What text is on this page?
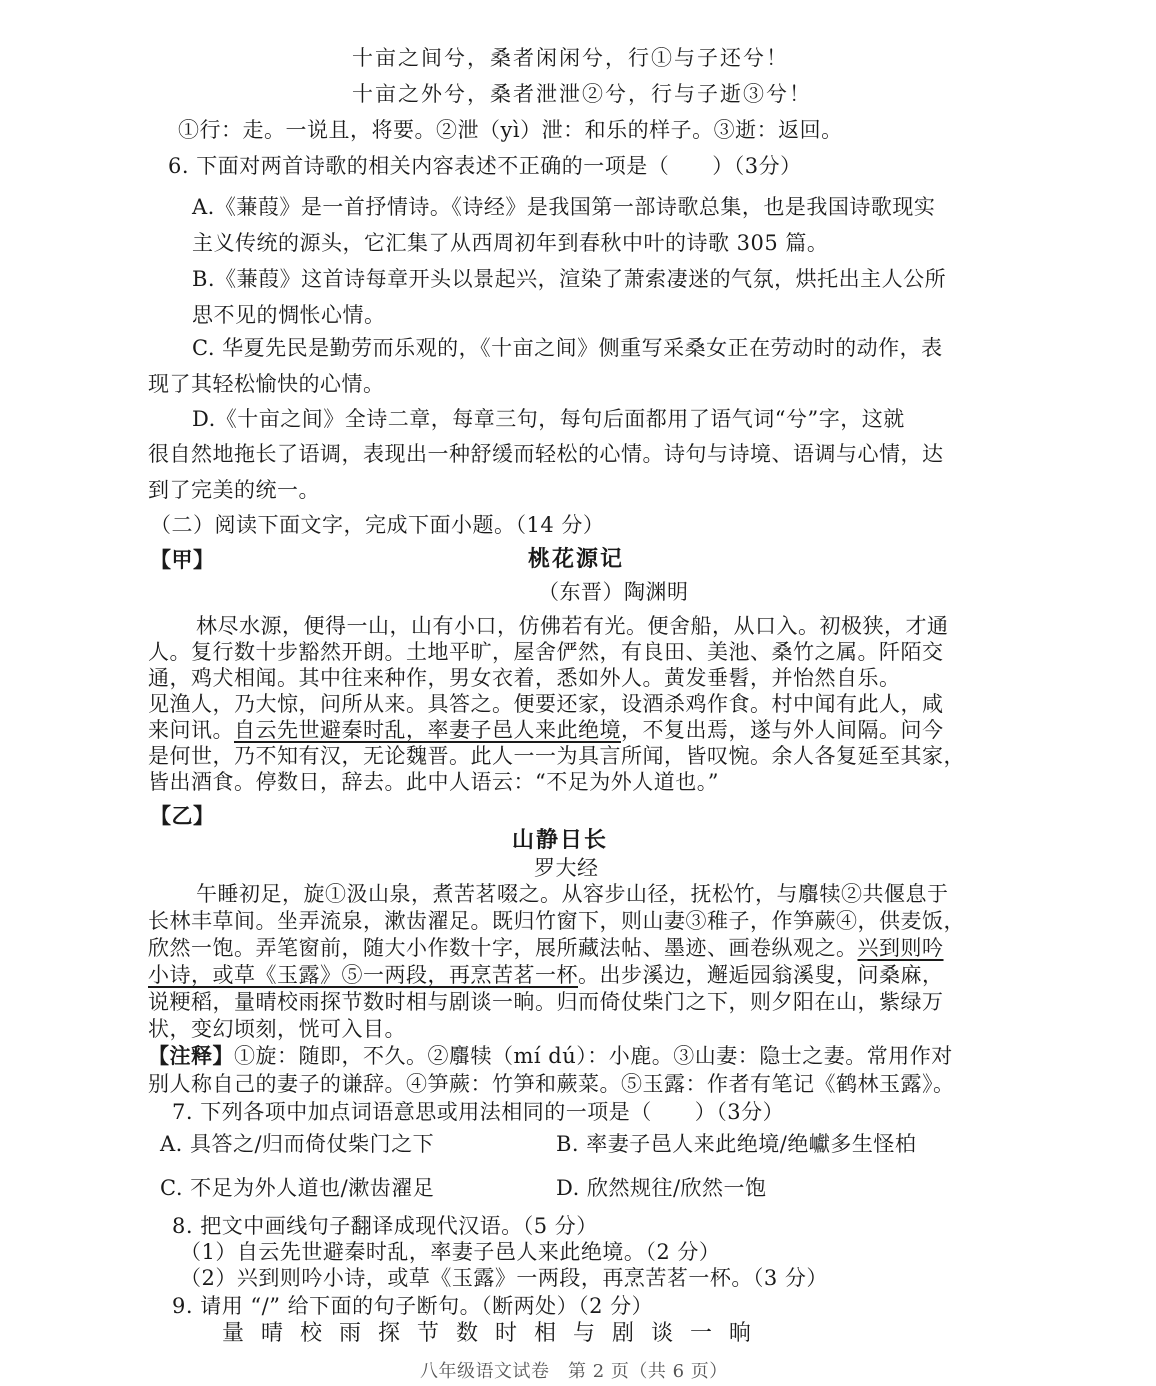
十亩之间兮，桑者闲闲兮，行①与子还兮！
十亩之外兮，桑者泄泄②兮，行与子逝③兮！
①行：走。一说且，将要。②泄（yì）泄：和乐的样子。③逝：返回。
6. 下面对两首诗歌的相关内容表述不正确的一项是（　　）（3分）
A.《蒹葭》是一首抒情诗。《诗经》是我国第一部诗歌总集，也是我国诗歌现实
主义传统的源头，它汇集了从西周初年到春秋中叶的诗歌 305 篇。
B.《蒹葭》这首诗每章开头以景起兴，渲染了萧索凄迷的气氛，烘托出主人公所
思不见的惆怅心情。
C. 华夏先民是勤劳而乐观的，《十亩之间》侧重写采桑女正在劳动时的动作，表
现了其轻松愉快的心情。
D.《十亩之间》全诗二章，每章三句，每句后面都用了语气词“兮”字，这就
很自然地拖长了语调，表现出一种舒缓而轻松的心情。诗句与诗境、语调与心情，达
到了完美的统一。
（二）阅读下面文字，完成下面小题。（14 分）
【甲】	桃花源记
（东晋）陶渊明
林尽水源，便得一山，山有小口，仿佛若有光。便舍船，从口入。初极狭，才通
人。复行数十步豁然开朗。土地平旷，屋舍俨然，有良田、美池、桑竹之属。阡陌交
通，鸡犬相闻。其中往来种作，男女衣着，悉如外人。黄发垂髫，并怡然自乐。
见渔人，乃大惊，问所从来。具答之。便要还家，设酒杀鸡作食。村中闻有此人，咸
来问讯。自云先世避秦时乱，率妻子邑人来此绝境，不复出焉，遂与外人间隔。问今
是何世，乃不知有汉，无论魏晋。此人一一为具言所闻，皆叹惋。余人各复延至其家，
皆出酒食。停数日，辞去。此中人语云：“不足为外人道也。”
【乙】
山静日长
罗大经
午睡初足，旋①汲山泉，煮苦茗啜之。从容步山径，抚松竹，与麛犊②共偃息于
长林丰草间。坐弄流泉，漱齿濯足。既归竹窗下，则山妻③稚子，作笋蕨④，供麦饭，
欣然一饱。弄笔窗前，随大小作数十字，展所藏法帖、墨迹、画卷纵观之。兴到则吟
小诗，或草《玉露》⑤一两段，再烹苦茗一杯。出步溪边，邂逅园翁溪叟，问桑麻，
说粳稻，量晴校雨探节数时相与剧谈一晌。归而倚仗柴门之下，则夕阳在山，紫绿万
状，变幻顷刻，恍可入目。
【注释】①旋：随即，不久。②麛犊（mí dú）：小鹿。③山妻：隐士之妻。常用作对
别人称自己的妻子的谦辞。④笋蕨：竹笋和蕨菜。⑤玉露：作者有笔记《鹤林玉露》。
7. 下列各项中加点词语意思或用法相同的一项是（　　）（3分）
A. 具答之/归而倚仗柴门之下	B. 率妻子邑人来此绝境/绝巘多生怪柏
C. 不足为外人道也/漱齿濯足	D. 欣然规往/欣然一饱
8. 把文中画线句子翻译成现代汉语。（5 分）
（1）自云先世避秦时乱，率妻子邑人来此绝境。（2 分）
（2）兴到则吟小诗，或草《玉露》一两段，再烹苦茗一杯。（3 分）
9. 请用 “/” 给下面的句子断句。（断两处）（2 分）
量晴校雨探节数时相与剧谈一晌
八年级语文试卷　第 2 页（共 6 页）
